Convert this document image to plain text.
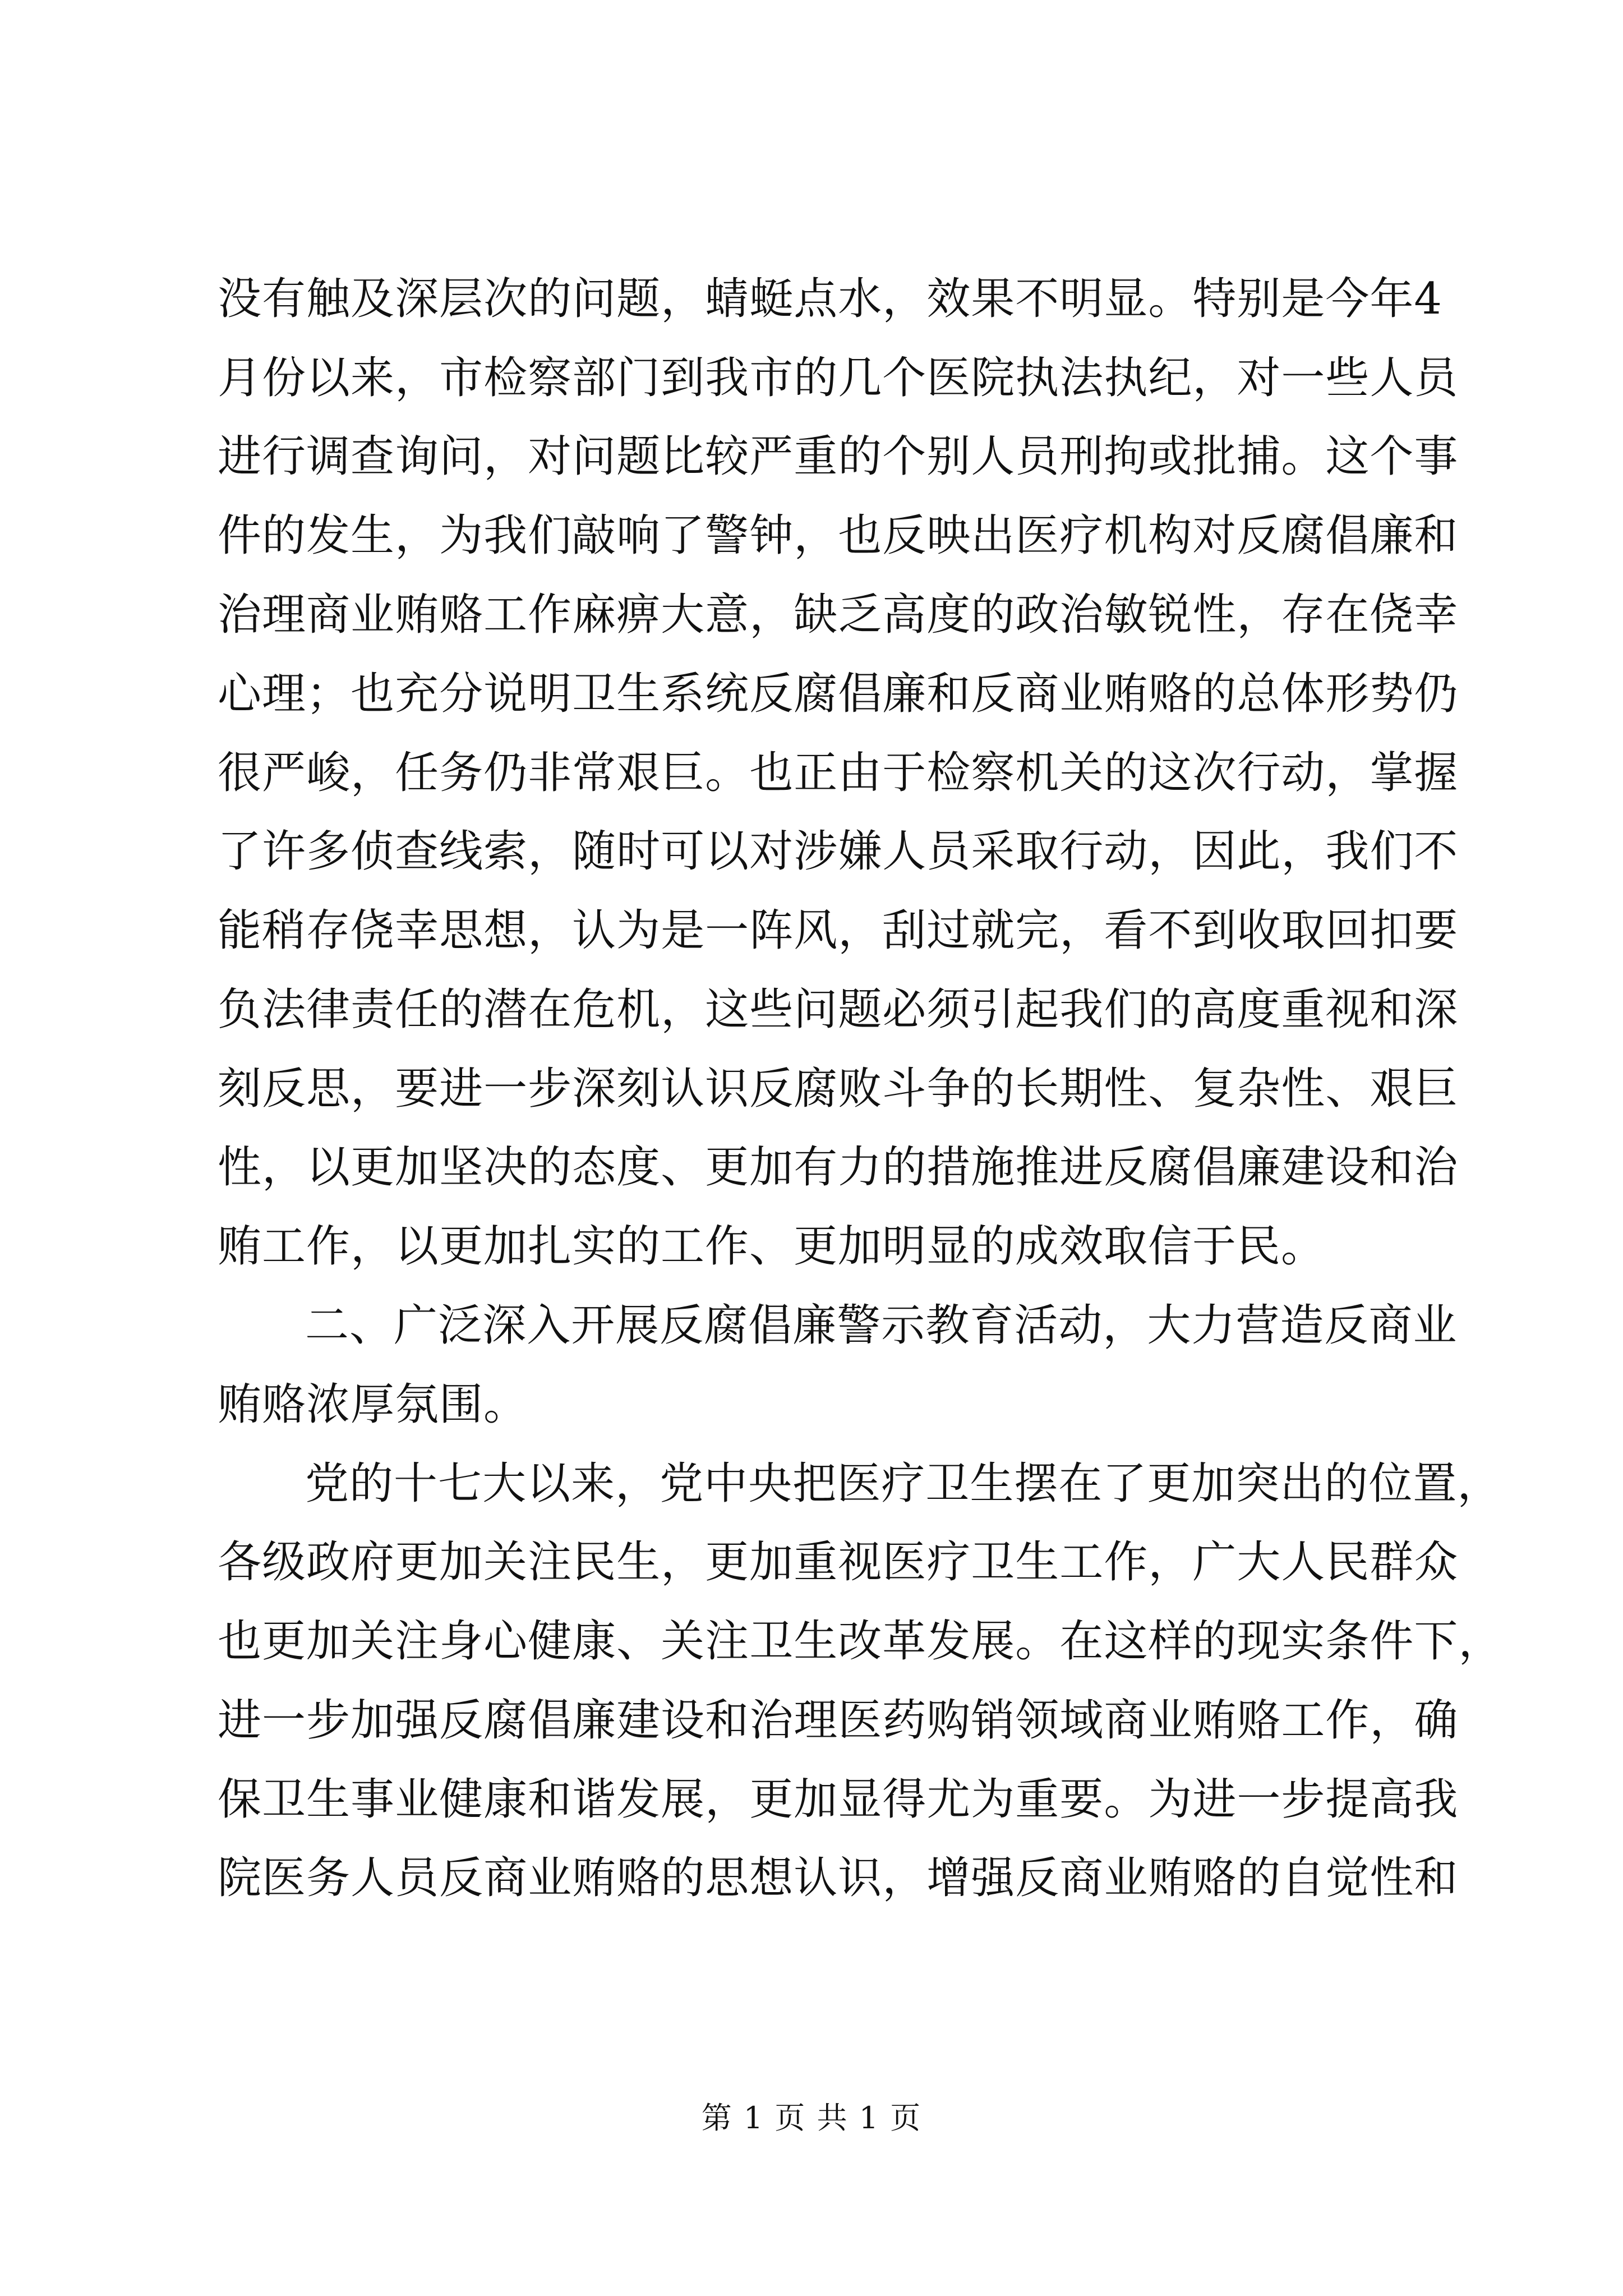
没 有 触 及 深 层 次 的 问 题 ， 蜻 蜓 点 水 ， 效 果 不 明 显 。 特 别 是 今 年 4
月 份 以 来 ， 市 检 察 部 门 到 我 市 的 几 个 医 院 执 法 执 纪 ， 对 一 些 人 员
进 行 调 查 询 问 ， 对 问 题 比 较 严 重 的 个 别 人 员 刑 拘 或 批 捕 。 这 个 事
件 的 发 生 ， 为 我 们 敲 响 了 警 钟 ， 也 反 映 出 医 疗 机 构 对 反 腐 倡 廉 和
治 理 商 业 贿 赂 工 作 麻 痹 大 意 ， 缺 乏 高 度 的 政 治 敏 锐 性 ， 存 在 侥 幸
心 理 ； 也 充 分 说 明 卫 生 系 统 反 腐 倡 廉 和 反 商 业 贿 赂 的 总 体 形 势 仍
很 严 峻 ， 任 务 仍 非 常 艰 巨 。 也 正 由 于 检 察 机 关 的 这 次 行 动 ， 掌 握
了 许 多 侦 查 线 索 ， 随 时 可 以 对 涉 嫌 人 员 采 取 行 动 ， 因 此 ， 我 们 不
能 稍 存 侥 幸 思 想 ， 认 为 是 一 阵 风 ， 刮 过 就 完 ， 看 不 到 收 取 回 扣 要
负 法 律 责 任 的 潜 在 危 机 ， 这 些 问 题 必 须 引 起 我 们 的 高 度 重 视 和 深
刻 反 思 ， 要 进 一 步 深 刻 认 识 反 腐 败 斗 争 的 长 期 性 、 复 杂 性 、 艰 巨
性 ， 以 更 加 坚 决 的 态 度 、 更 加 有 力 的 措 施 推 进 反 腐 倡 廉 建 设 和 治
贿工作，以更加扎实的工作、更加明显的成效取信于民。
二 、 广 泛 深 入 开 展 反 腐 倡 廉 警 示 教 育 活 动 ， 大 力 营 造 反 商 业
贿赂浓厚氛围。
党 的 十 七 大 以 来 ， 党 中 央 把 医 疗 卫 生 摆 在 了 更 加 突 出 的 位 置 ，
各 级 政 府 更 加 关 注 民 生 ， 更 加 重 视 医 疗 卫 生 工 作 ， 广 大 人 民 群 众
也 更 加 关 注 身 心 健 康 、 关 注 卫 生 改 革 发 展 。 在 这 样 的 现 实 条 件 下 ，
进 一 步 加 强 反 腐 倡 廉 建 设 和 治 理 医 药 购 销 领 域 商 业 贿 赂 工 作 ， 确
保 卫 生 事 业 健 康 和 谐 发 展 ， 更 加 显 得 尤 为 重 要 。 为 进 一 步 提 高 我
院 医 务 人 员 反 商 业 贿 赂 的 思 想 认 识 ， 增 强 反 商 业 贿 赂 的 自 觉 性 和
第 1 页 共 1 页
